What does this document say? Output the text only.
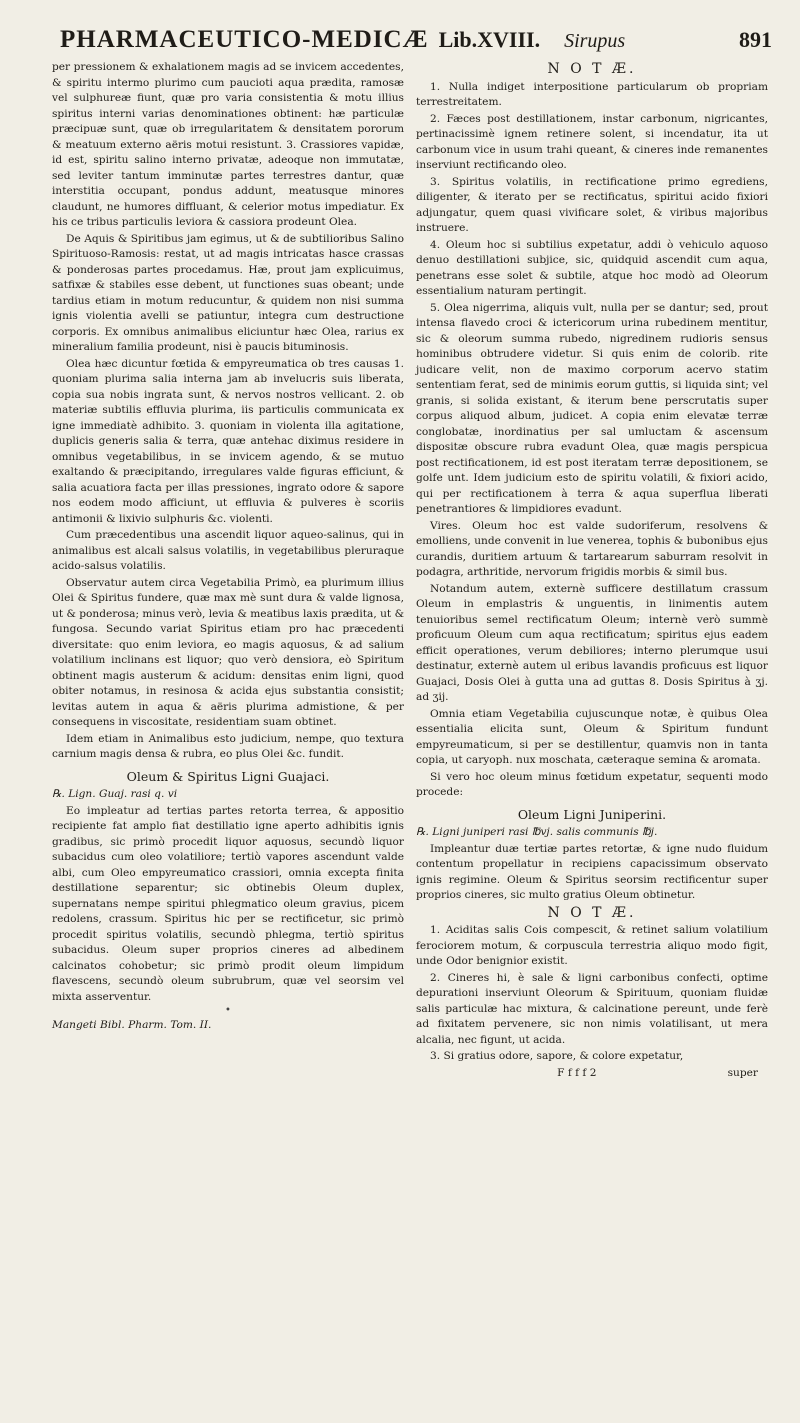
PHARMACEUTICO-MEDICÆ Lib.XVIII. Sirupus	891

per pressionem & exhalationem magis ad se invicem accedentes, & spiritu intermo plurimo cum paucioti aqua prædita, ramosæ vel sulphureæ fiunt, quæ pro varia consistentia & motu illius spiritus interni varias denominationes obtinent: hæ particulæ præcipuæ sunt, quæ ob irregularitatem & densitatem pororum & meatuum externo aëris motui resistunt. 3. Crassiores vapidæ, id est, spiritu salino interno privatæ, adeoque non immutatæ, sed leviter tantum imminutæ partes terrestres dantur, quæ interstitia occupant, pondus addunt, meatusque minores claudunt, ne humores diffluant, & celerior motus impediatur. Ex his ce tribus particulis leviora & cassiora prodeunt Olea.

De Aquis & Spiritibus jam egimus, ut & de subtilioribus Salino Spirituoso-Ramosis: restat, ut ad magis intricatas hasce crassas & ponderosas partes procedamus. Hæ, prout jam explicuimus, satfixæ & stabiles esse debent, ut functiones suas obeant; unde tardius etiam in motum reducuntur, & quidem non nisi summa ignis violentia avelli se patiuntur, integra cum destructione corporis. Ex omnibus animalibus eliciuntur hæc Olea, rarius ex mineralium familia prodeunt, nisi è paucis bituminosis.

Olea hæc dicuntur fœtida & empyreumatica ob tres causas 1. quoniam plurima salia interna jam ab invelucris suis liberata, copia sua nobis ingrata sunt, & nervos nostros vellicant. 2. ob materiæ subtilis effluvia plurima, iis particulis communicata ex igne immediatè adhibito. 3. quoniam in violenta illa agitatione, duplicis generis salia & terra, quæ antehac diximus residere in omnibus vegetabilibus, in se invicem agendo, & se mutuo exaltando & præcipitando, irregulares valde figuras efficiunt, & salia acuatiora facta per illas pressiones, ingrato odore & sapore nos eodem modo afficiunt, ut effluvia & pulveres è scoriis antimonii & lixivio sulphuris &c. violenti.

Cum præcedentibus una ascendit liquor aqueo-salinus, qui in animalibus est alcali salsus volatilis, in vegetabilibus pleruraque acido-salsus volatilis.

Observatur autem circa Vegetabilia Primò, ea plurimum illius Olei & Spiritus fundere, quæ max mè sunt dura & valde lignosa, ut & ponderosa; minus verò, levia & meatibus laxis prædita, ut & fungosa. Secundo variat Spiritus etiam pro hac præcedenti diversitate: quo enim leviora, eo magis aquosus, & ad salium volatilium inclinans est liquor; quo verò densiora, eò Spiritum obtinent magis austerum & acidum: densitas enim ligni, quod obiter notamus, in resinosa & acida ejus substantia consistit; levitas autem in aqua & aëris plurima admistione, & per consequens in viscositate, residentiam suam obtinet.

Idem etiam in Animalibus esto judicium, nempe, quo textura carnium magis densa & rubra, eo plus Olei &c. fundit.

Oleum & Spiritus Ligni Guajaci.

℞. Lign. Guaj. rasi q. vi

Eo impleatur ad tertias partes retorta terrea, & appositio recipiente fat amplo fiat destillatio igne aperto adhibitis ignis gradibus, sic primò procedit liquor aquosus, secundò liquor subacidus cum oleo volatiliore; tertiò vapores ascendunt valde albi, cum Oleo empyreumatico crassiori, omnia excepta finita destillatione separentur; sic obtinebis Oleum duplex, supernatans nempe spiritui phlegmatico oleum gravius, picem redolens, crassum. Spiritus hic per se rectificetur, sic primò procedit spiritus volatilis, secundò phlegma, tertiò spiritus subacidus. Oleum super proprios cineres ad albedinem calcinatos cohobetur; sic primò prodit oleum limpidum flavescens, secundò oleum subrubrum, quæ vel seorsim vel mixta asserventur.

•
Mangeti Bibl. Pharm. Tom. II.
N O T Æ.

1. Nulla indiget interpositione particularum ob propriam terrestreitatem.

2. Fæces post destillationem, instar carbonum, nigricantes, pertinacissimè ignem retinere solent, si incendatur, ita ut carbonum vice in usum trahi queant, & cineres inde remanentes inserviunt rectificando oleo.

3. Spiritus volatilis, in rectificatione primo egrediens, diligenter, & iterato per se rectificatus, spiritui acido fixiori adjungatur, quem quasi vivificare solet, & viribus majoribus instruere.

4. Oleum hoc si subtilius expetatur, addi ò vehiculo aquoso denuo destillationi subjice, sic, quidquid ascendit cum aqua, penetrans esse solet & subtile, atque hoc modò ad Oleorum essentialium naturam pertingit.

5. Olea nigerrima, aliquis vult, nulla per se dantur; sed, prout intensa flavedo croci & ictericorum urina rubedinem mentitur, sic & oleorum summa rubedo, nigredinem rudioris sensus hominibus obtrudere videtur. Si quis enim de colorib. rite judicare velit, non de maximo corporum acervo statim sententiam ferat, sed de minimis eorum guttis, si liquida sint; vel granis, si solida existant, & iterum bene perscrutatis super corpus aliquod album, judicet. A copia enim elevatæ terræ conglobatæ, inordinatius per sal umluctam & ascensum dispositæ obscure rubra evadunt Olea, quæ magis perspicua post rectificationem, id est post iteratam terræ depositionem, se golfe unt. Idem judicium esto de spiritu volatili, & fixiori acido, qui per rectificationem à terra & aqua superflua liberati penetrantiores & limpidiores evadunt.

Vires. Oleum hoc est valde sudoriferum, resolvens & emolliens, unde convenit in lue venerea, tophis & bubonibus ejus curandis, duritiem artuum & tartarearum saburram resolvit in podagra, arthritide, nervorum frigidis morbis & simil bus.

Notandum autem, externè sufficere destillatum crassum Oleum in emplastris & unguentis, in linimentis autem tenuioribus semel rectificatum Oleum; internè verò summè proficuum Oleum cum aqua rectificatum; spiritus ejus eadem efficit operationes, verum debiliores; interno plerumque usui destinatur, externè autem ul eribus lavandis proficuus est liquor Guajaci, Dosis Olei à gutta una ad guttas 8. Dosis Spiritus à ʒj. ad ʒij.

Omnia etiam Vegetabilia cujuscunque notæ, è quibus Olea essentialia elicita sunt, Oleum & Spiritum fundunt empyreumaticum, si per se destillentur, quamvis non in tanta copia, ut caryoph. nux moschata, cæteraque semina & aromata.

Si vero hoc oleum minus fœtidum expetatur, sequenti modo procede:

Oleum Ligni Juniperini.

℞. Ligni juniperi rasi ℔vj. salis communis ℔j.

Impleantur duæ tertiæ partes retortæ, & igne nudo fluidum contentum propellatur in recipiens capacissimum observato ignis regimine. Oleum & Spiritus seorsim rectificentur super proprios cineres, sic multo gratius Oleum obtinetur.

N O T Æ.

1. Aciditas salis Cois compescit, & retinet salium volatilium ferociorem motum, & corpuscula terrestria aliquo modo figit, unde Odor benignior existit.

2. Cineres hi, è sale & ligni carbonibus confecti, optime depurationi inserviunt Oleorum & Spirituum, quoniam fluidæ salis particulæ hac mixtura, & calcinatione pereunt, unde ferè ad fixitatem pervenere, sic non nimis volatilisant, ut mera alcalia, nec figunt, ut acida.

3. Si gratius odore, sapore, & colore expetatur,

F f f f 2	super
